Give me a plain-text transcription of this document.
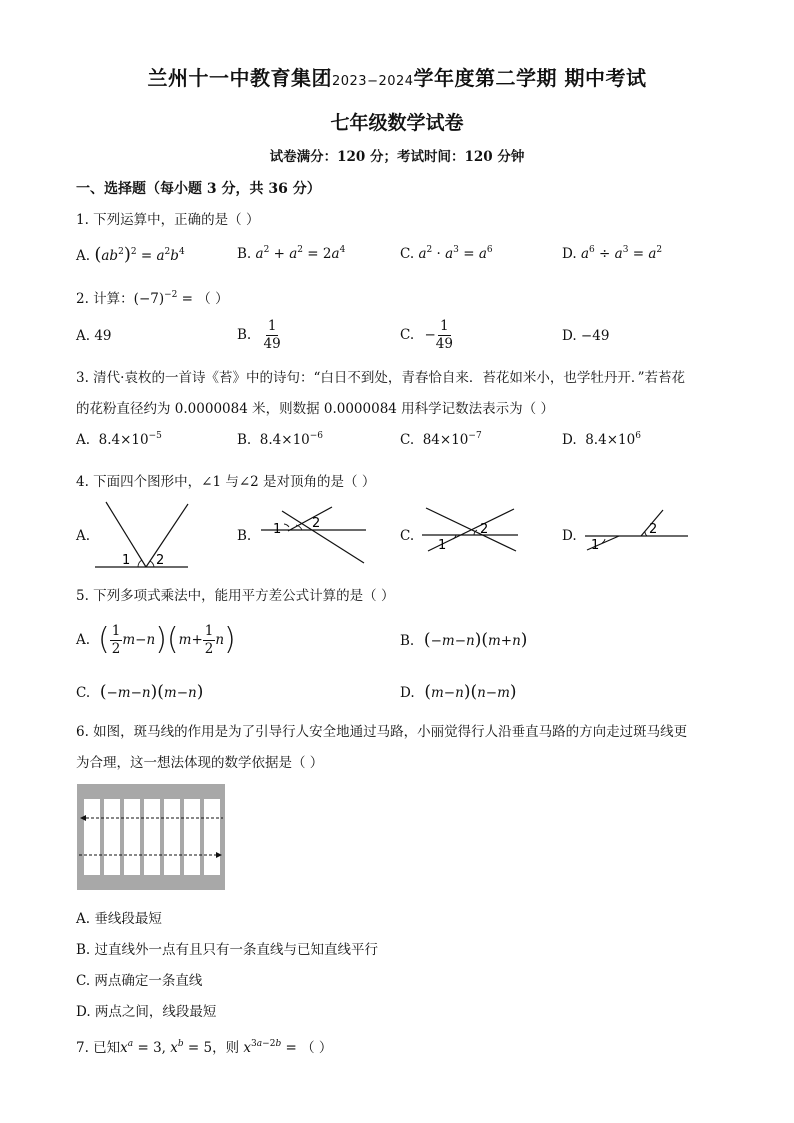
兰州十一中教育集团2023−2024学年度第二学期 期中考试
七年级数学试卷
试卷满分：120 分；考试时间：120 分钟
一、选择题（每小题 3 分，共 36 分）
1. 下列运算中，正确的是（ ）
A. $(ab^2)^2 = a^2b^4$	B. $a^2 + a^2 = 2a^4$	C. $a^2 \cdot a^3 = a^6$	D. $a^6 \div a^3 = a^2$
2. 计算：$(-7)^{-2}$ = （ ）
A. 49	B. $\frac{1}{49}$	C. − $\frac{1}{49}$	D. −49
3. 清代·袁枚的一首诗《苔》中的诗句：“白日不到处，青春恰自来．苔花如米小，也学牡丹开．”若苔花
的花粉直径约为 0.0000084 米，则数据 0.0000084 用科学记数法表示为（ ）
A.  $8.4\times 10^{-5}$	B.  $8.4\times 10^{-6}$	C.  $84\times 10^{-7}$	D.  $8.4\times 10^6$
4. 下面四个图形中，∠1 与∠2 是对顶角的是（ ）
A.	B.	C.	D.
1 2
1 2
1
2
1
2
5. 下列多项式乘法中，能用平方差公式计算的是（ ）
A. ( $\frac{1}{2}$ m − n ) ( $m + \frac{1}{2}$ n )	B.  (−m−n)(m+n)
C.  (−m−n)(m−n)	D.  (m−n)(n−m)
6. 如图，斑马线的作用是为了引导行人安全地通过马路，小丽觉得行人沿垂直马路的方向走过斑马线更
为合理，这一想法体现的数学依据是（ ）
A. 垂线段最短
B. 过直线外一点有且只有一条直线与已知直线平行
C. 两点确定一条直线
D. 两点之间，线段最短
7. 已知$x^a = 3$, $x^b = 5$，则 $x^{3a-2b}$ = （ ）
